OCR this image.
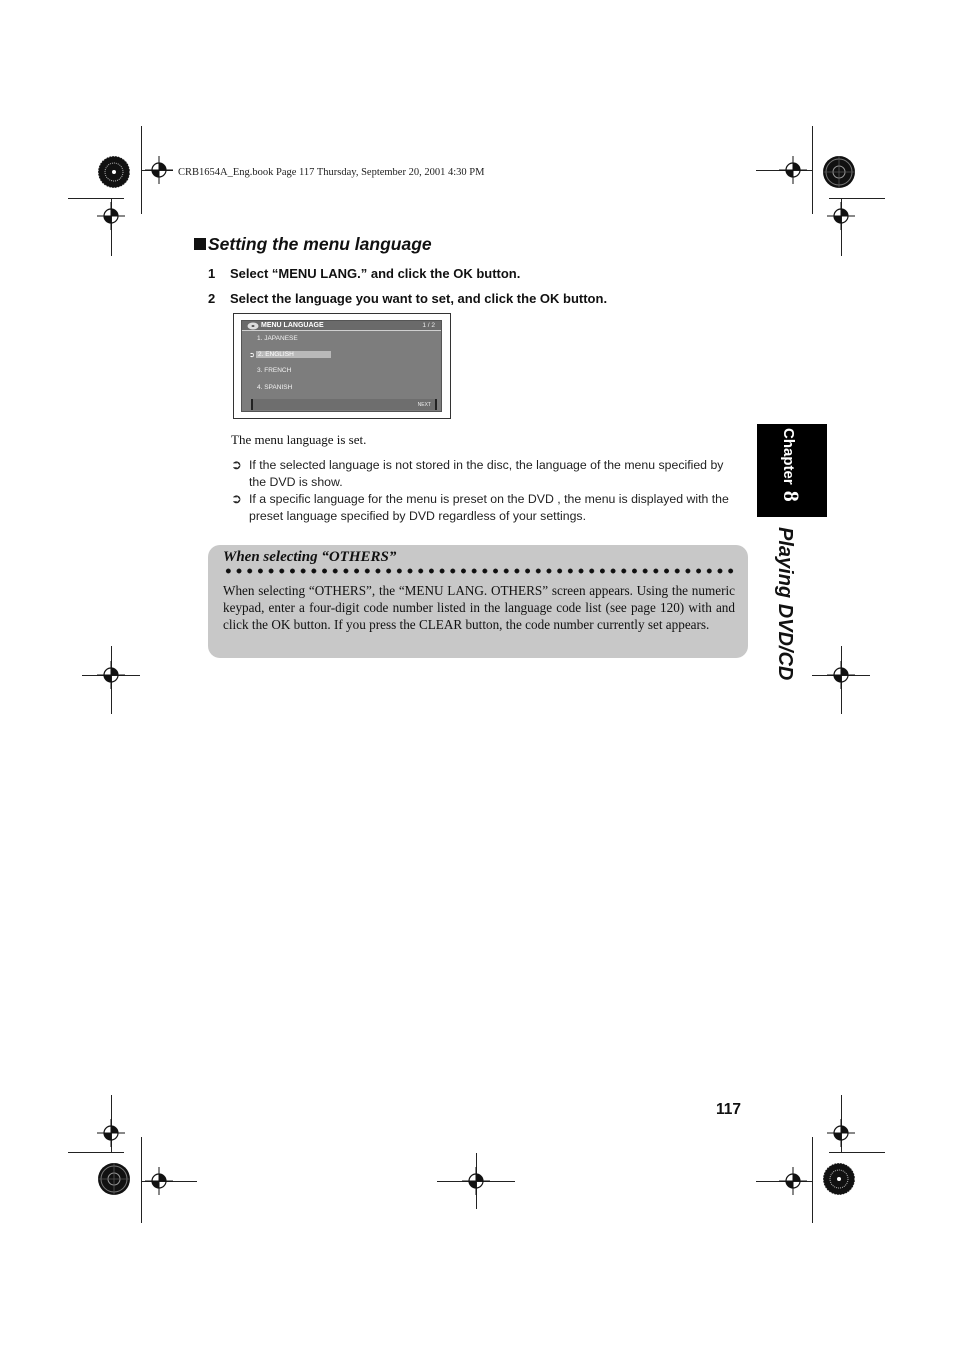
CRB1654A_Eng.book Page 117 Thursday, September 20, 2001 4:30 PM
Setting the menu language
1 Select “MENU LANG.” and click the OK button.
2 Select the language you want to set, and click the OK button.
MENU LANGUAGE	1 / 2
1. JAPANESE
➲ 2. ENGLISH
3. FRENCH
4. SPANISH
NEXT
The menu language is set.
➲ If the selected language is not stored in the disc, the language of the menu specified by the DVD is show.
➲ If a specific language for the menu is preset on the DVD , the menu is displayed with the preset language specified by DVD regardless of your settings.
When selecting “OTHERS”
When selecting “OTHERS”, the “MENU LANG. OTHERS” screen appears. Using the numeric keypad, enter a four-digit code number listed in the language code list (see page 120) with and click the OK button. If you press the CLEAR button, the code number currently set appears.
Chapter8
Playing DVD/CD
117
